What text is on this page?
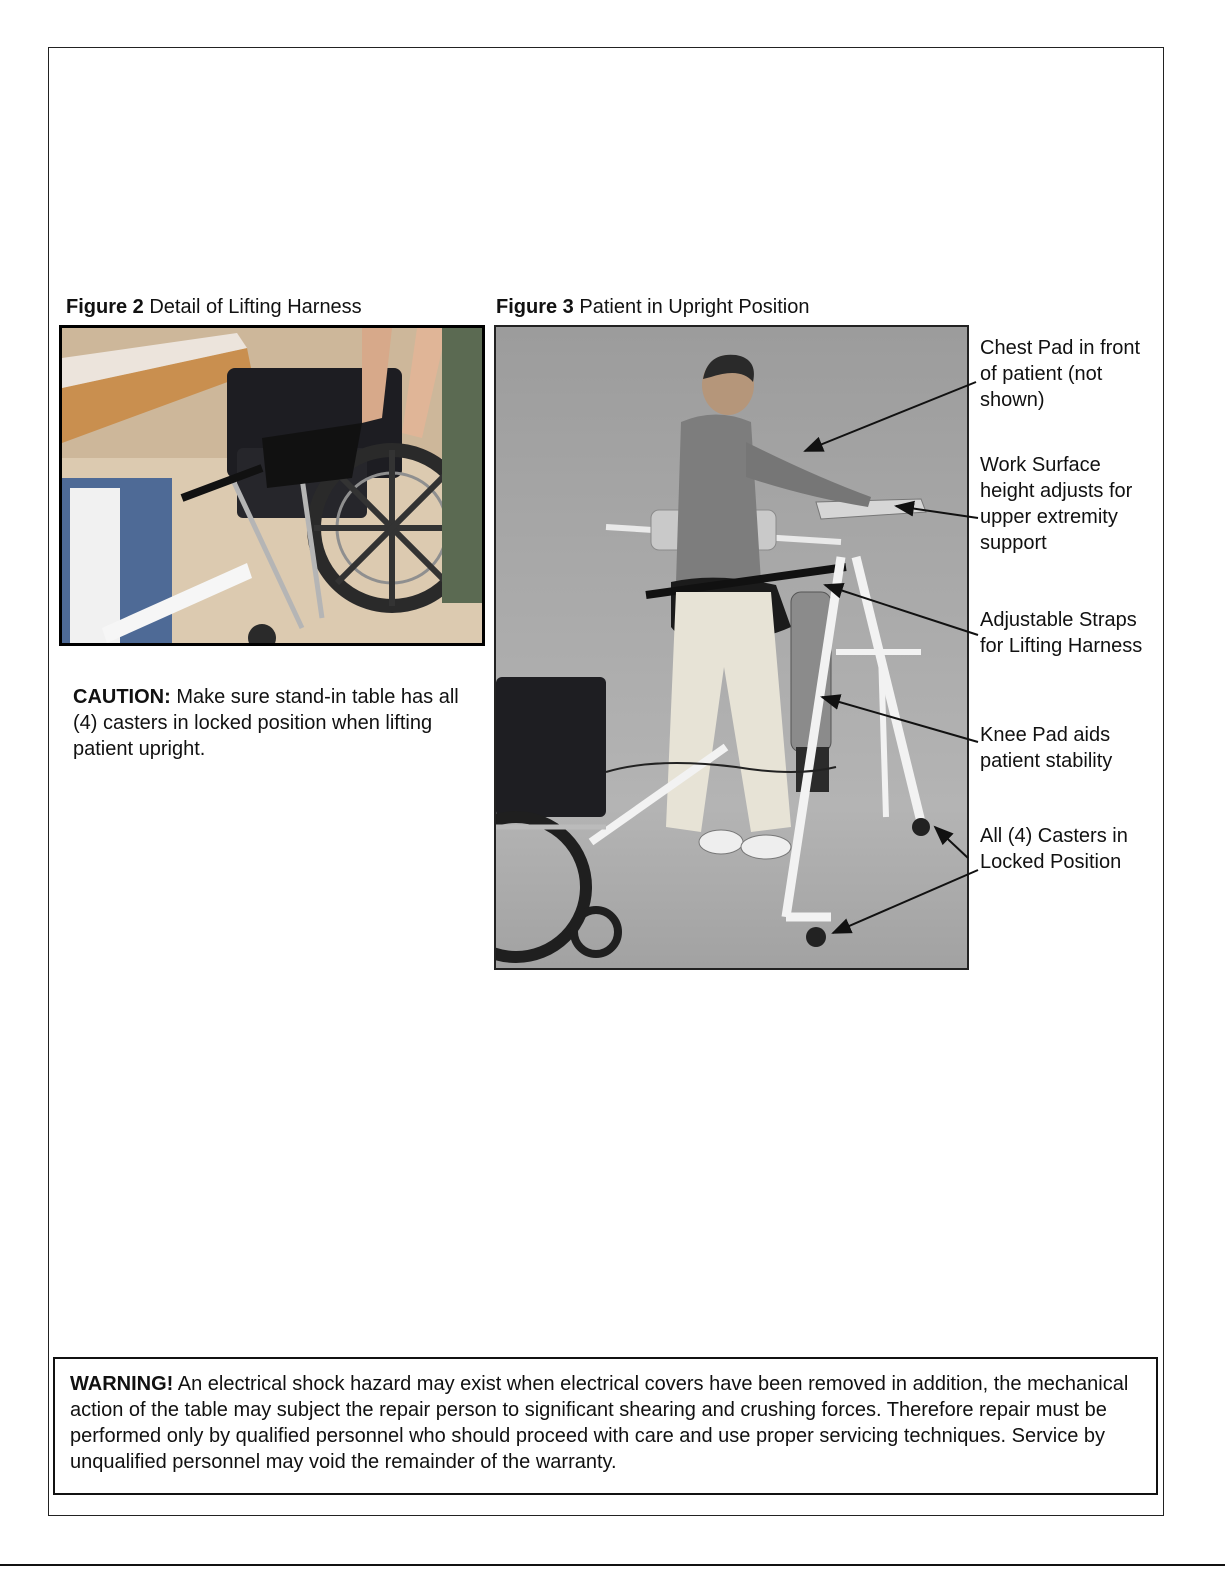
Figure 2 Detail of Lifting Harness
CAUTION: Make sure stand-in table has all (4) casters in locked position when lifting patient upright.
Figure 3 Patient in Upright Position
Chest Pad in front of patient (not shown)
Work Surface height adjusts for upper extremity support
Adjustable Straps for Lifting Harness
Knee Pad aids patient stability
All (4) Casters in Locked Position
WARNING! An electrical shock hazard may exist when electrical covers have been removed in addition, the mechanical action of the table may subject the repair person to significant shearing and crushing forces. Therefore repair must be performed only by qualified personnel who should proceed with care and use proper servicing techniques. Service by unqualified personnel may void the remainder of the warranty.
